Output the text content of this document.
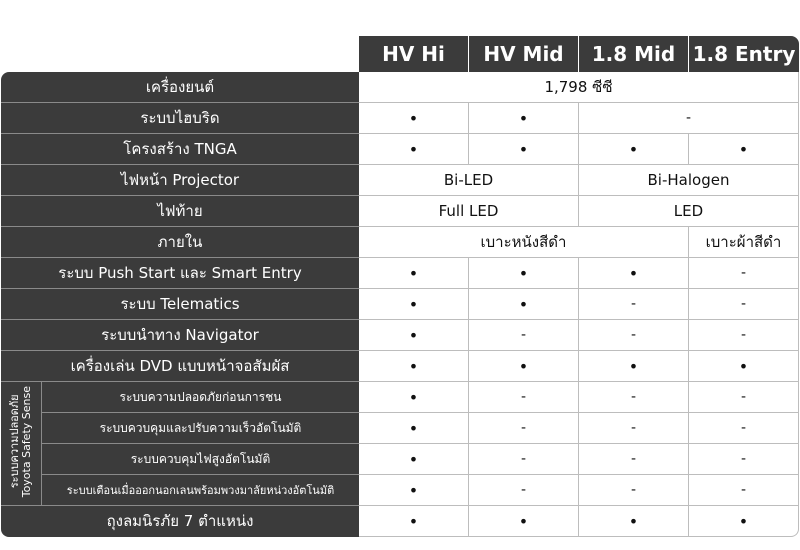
		HV Hi	HV Mid	1.8 Mid	1.8 Entry
เครื่องยนต์		1,798 ซีซี			
ระบบไฮบริด		•	•	-	
โครงสร้าง TNGA		•	•	•	•
ไฟหน้า Projector		Bi-LED		Bi-Halogen	
ไฟท้าย		Full LED		LED	
ภายใน		เบาะหนังสีดำ			เบาะผ้าสีดำ
ระบบ Push Start และ Smart Entry		•	•	•	-
ระบบ Telematics		•	•	-	-
ระบบนำทาง Navigator		•	-	-	-
เครื่องเล่น DVD แบบหน้าจอสัมผัส		•	•	•	•
ระบบความปลอดภัย
Toyota Safety Sense	ระบบความปลอดภัยก่อนการชน	•	-	-	-
	ระบบควบคุมและปรับความเร็วอัตโนมัติ	•	-	-	-
	ระบบควบคุมไฟสูงอัตโนมัติ	•	-	-	-
	ระบบเตือนเมื่อออกนอกเลนพร้อมพวงมาลัยหน่วงอัตโนมัติ	•	-	-	-
ถุงลมนิรภัย 7 ตำแหน่ง		•	•	•	•
